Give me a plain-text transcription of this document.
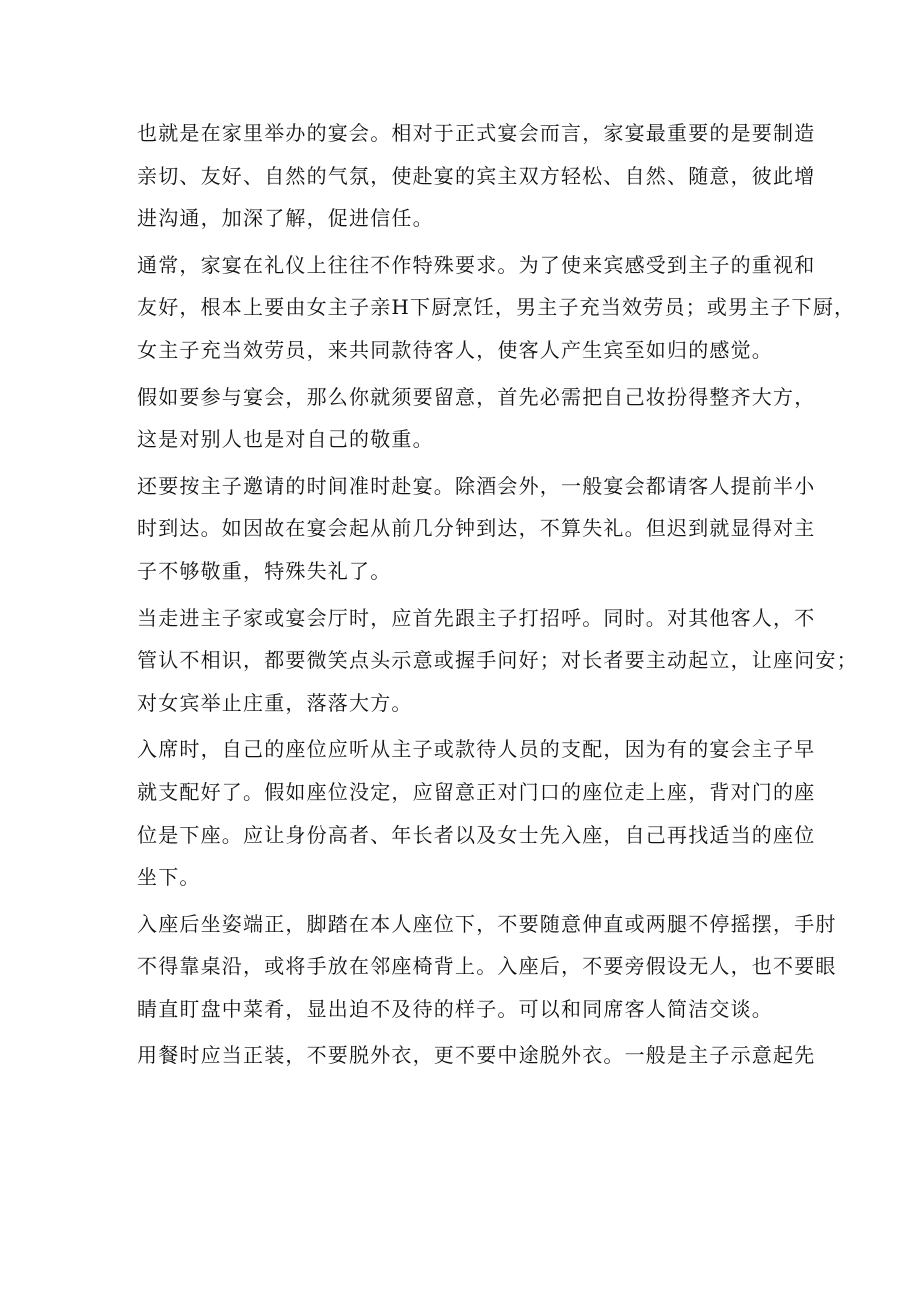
也就是在家里举办的宴会。相对于正式宴会而言，家宴最重要的是要制造
亲切、友好、自然的气氛，使赴宴的宾主双方轻松、自然、随意，彼此增
进沟通，加深了解，促进信任。
通常，家宴在礼仪上往往不作特殊要求。为了使来宾感受到主子的重视和
友好，根本上要由女主子亲H下厨烹饪，男主子充当效劳员；或男主子下厨，
女主子充当效劳员，来共同款待客人，使客人产生宾至如归的感觉。
假如要参与宴会，那么你就须要留意，首先必需把自己妆扮得整齐大方，
这是对别人也是对自己的敬重。
还要按主子邀请的时间准时赴宴。除酒会外，一般宴会都请客人提前半小
时到达。如因故在宴会起从前几分钟到达，不算失礼。但迟到就显得对主
子不够敬重，特殊失礼了。
当走进主子家或宴会厅时，应首先跟主子打招呼。同时。对其他客人，不
管认不相识，都要微笑点头示意或握手问好；对长者要主动起立，让座问安；
对女宾举止庄重，落落大方。
入席时，自己的座位应听从主子或款待人员的支配，因为有的宴会主子早
就支配好了。假如座位没定，应留意正对门口的座位走上座，背对门的座
位是下座。应让身份高者、年长者以及女士先入座，自己再找适当的座位
坐下。
入座后坐姿端正，脚踏在本人座位下，不要随意伸直或两腿不停摇摆，手肘
不得靠桌沿，或将手放在邻座椅背上。入座后，不要旁假设无人，也不要眼
睛直盯盘中菜肴，显出迫不及待的样子。可以和同席客人简洁交谈。
用餐时应当正装，不要脱外衣，更不要中途脱外衣。一般是主子示意起先
